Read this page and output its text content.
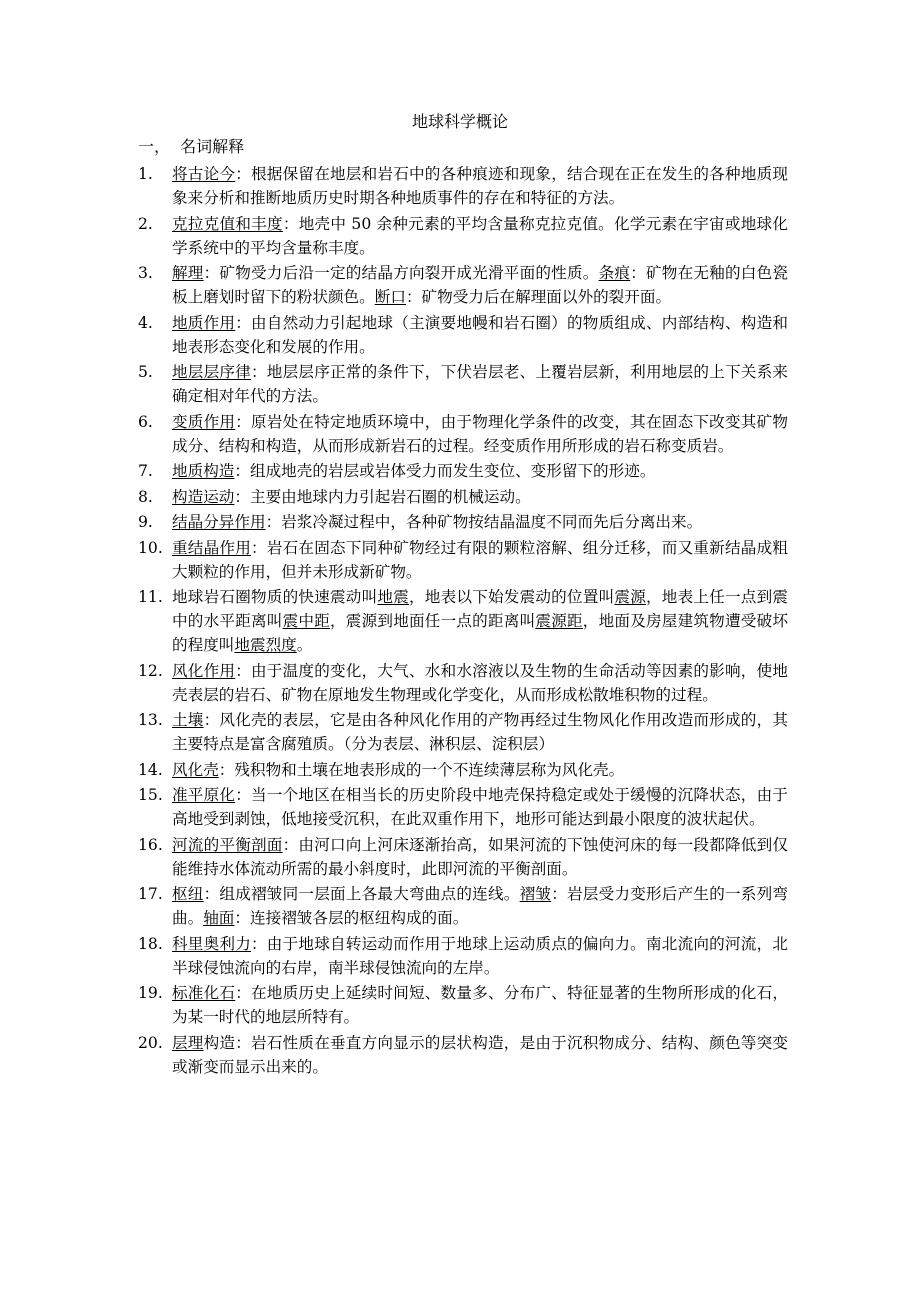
地球科学概论
一，  名词解释
1.	将古论今：根据保留在地层和岩石中的各种痕迹和现象，结合现在正在发生的各种地质现象来分析和推断地质历史时期各种地质事件的存在和特征的方法。
2.	克拉克值和丰度：地壳中 50 余种元素的平均含量称克拉克值。化学元素在宇宙或地球化学系统中的平均含量称丰度。
3.	解理：矿物受力后沿一定的结晶方向裂开成光滑平面的性质。条痕：矿物在无釉的白色瓷板上磨划时留下的粉状颜色。断口：矿物受力后在解理面以外的裂开面。
4.	地质作用：由自然动力引起地球（主演要地幔和岩石圈）的物质组成、内部结构、构造和地表形态变化和发展的作用。
5.	地层层序律：地层层序正常的条件下，下伏岩层老、上覆岩层新，利用地层的上下关系来确定相对年代的方法。
6.	变质作用：原岩处在特定地质环境中，由于物理化学条件的改变，其在固态下改变其矿物成分、结构和构造，从而形成新岩石的过程。经变质作用所形成的岩石称变质岩。
7.	地质构造：组成地壳的岩层或岩体受力而发生变位、变形留下的形迹。
8.	构造运动：主要由地球内力引起岩石圈的机械运动。
9.	结晶分异作用：岩浆冷凝过程中，各种矿物按结晶温度不同而先后分离出来。
10. 重结晶作用：岩石在固态下同种矿物经过有限的颗粒溶解、组分迁移，而又重新结晶成粗大颗粒的作用，但并未形成新矿物。
11. 地球岩石圈物质的快速震动叫地震，地表以下始发震动的位置叫震源，地表上任一点到震中的水平距离叫震中距，震源到地面任一点的距离叫震源距，地面及房屋建筑物遭受破坏的程度叫地震烈度。
12. 风化作用：由于温度的变化，大气、水和水溶液以及生物的生命活动等因素的影响，使地壳表层的岩石、矿物在原地发生物理或化学变化，从而形成松散堆积物的过程。
13. 土壤：风化壳的表层，它是由各种风化作用的产物再经过生物风化作用改造而形成的，其主要特点是富含腐殖质。（分为表层、淋积层、淀积层）
14. 风化壳：残积物和土壤在地表形成的一个不连续薄层称为风化壳。
15. 准平原化：当一个地区在相当长的历史阶段中地壳保持稳定或处于缓慢的沉降状态，由于高地受到剥蚀，低地接受沉积，在此双重作用下，地形可能达到最小限度的波状起伏。
16. 河流的平衡剖面：由河口向上河床逐渐抬高，如果河流的下蚀使河床的每一段都降低到仅能维持水体流动所需的最小斜度时，此即河流的平衡剖面。
17. 枢纽：组成褶皱同一层面上各最大弯曲点的连线。褶皱：岩层受力变形后产生的一系列弯曲。轴面：连接褶皱各层的枢纽构成的面。
18. 科里奥利力：由于地球自转运动而作用于地球上运动质点的偏向力。南北流向的河流，北半球侵蚀流向的右岸，南半球侵蚀流向的左岸。
19. 标准化石：在地质历史上延续时间短、数量多、分布广、特征显著的生物所形成的化石，为某一时代的地层所特有。
20. 层理构造：岩石性质在垂直方向显示的层状构造，是由于沉积物成分、结构、颜色等突变或渐变而显示出来的。
